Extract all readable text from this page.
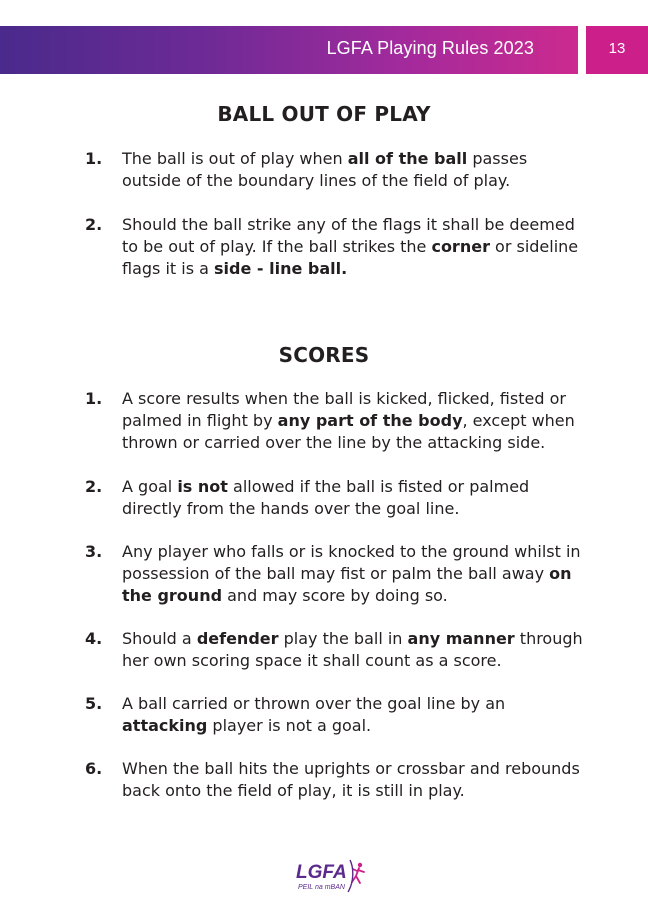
LGFA Playing Rules 2023	13
BALL OUT OF PLAY
1. The ball is out of play when all of the ball passes outside of the boundary lines of the field of play.
2. Should the ball strike any of the flags it shall be deemed to be out of play. If the ball strikes the corner or sideline flags it is a side - line ball.
SCORES
1. A score results when the ball is kicked, flicked, fisted or palmed in flight by any part of the body, except when thrown or carried over the line by the attacking side.
2. A goal is not allowed if the ball is fisted or palmed directly from the hands over the goal line.
3. Any player who falls or is knocked to the ground whilst in possession of the ball may fist or palm the ball away on the ground and may score by doing so.
4. Should a defender play the ball in any manner through her own scoring space it shall count as a score.
5. A ball carried or thrown over the goal line by an attacking player is not a goal.
6. When the ball hits the uprights or crossbar and rebounds back onto the field of play, it is still in play.
LGFA
PEIL na mBAN
